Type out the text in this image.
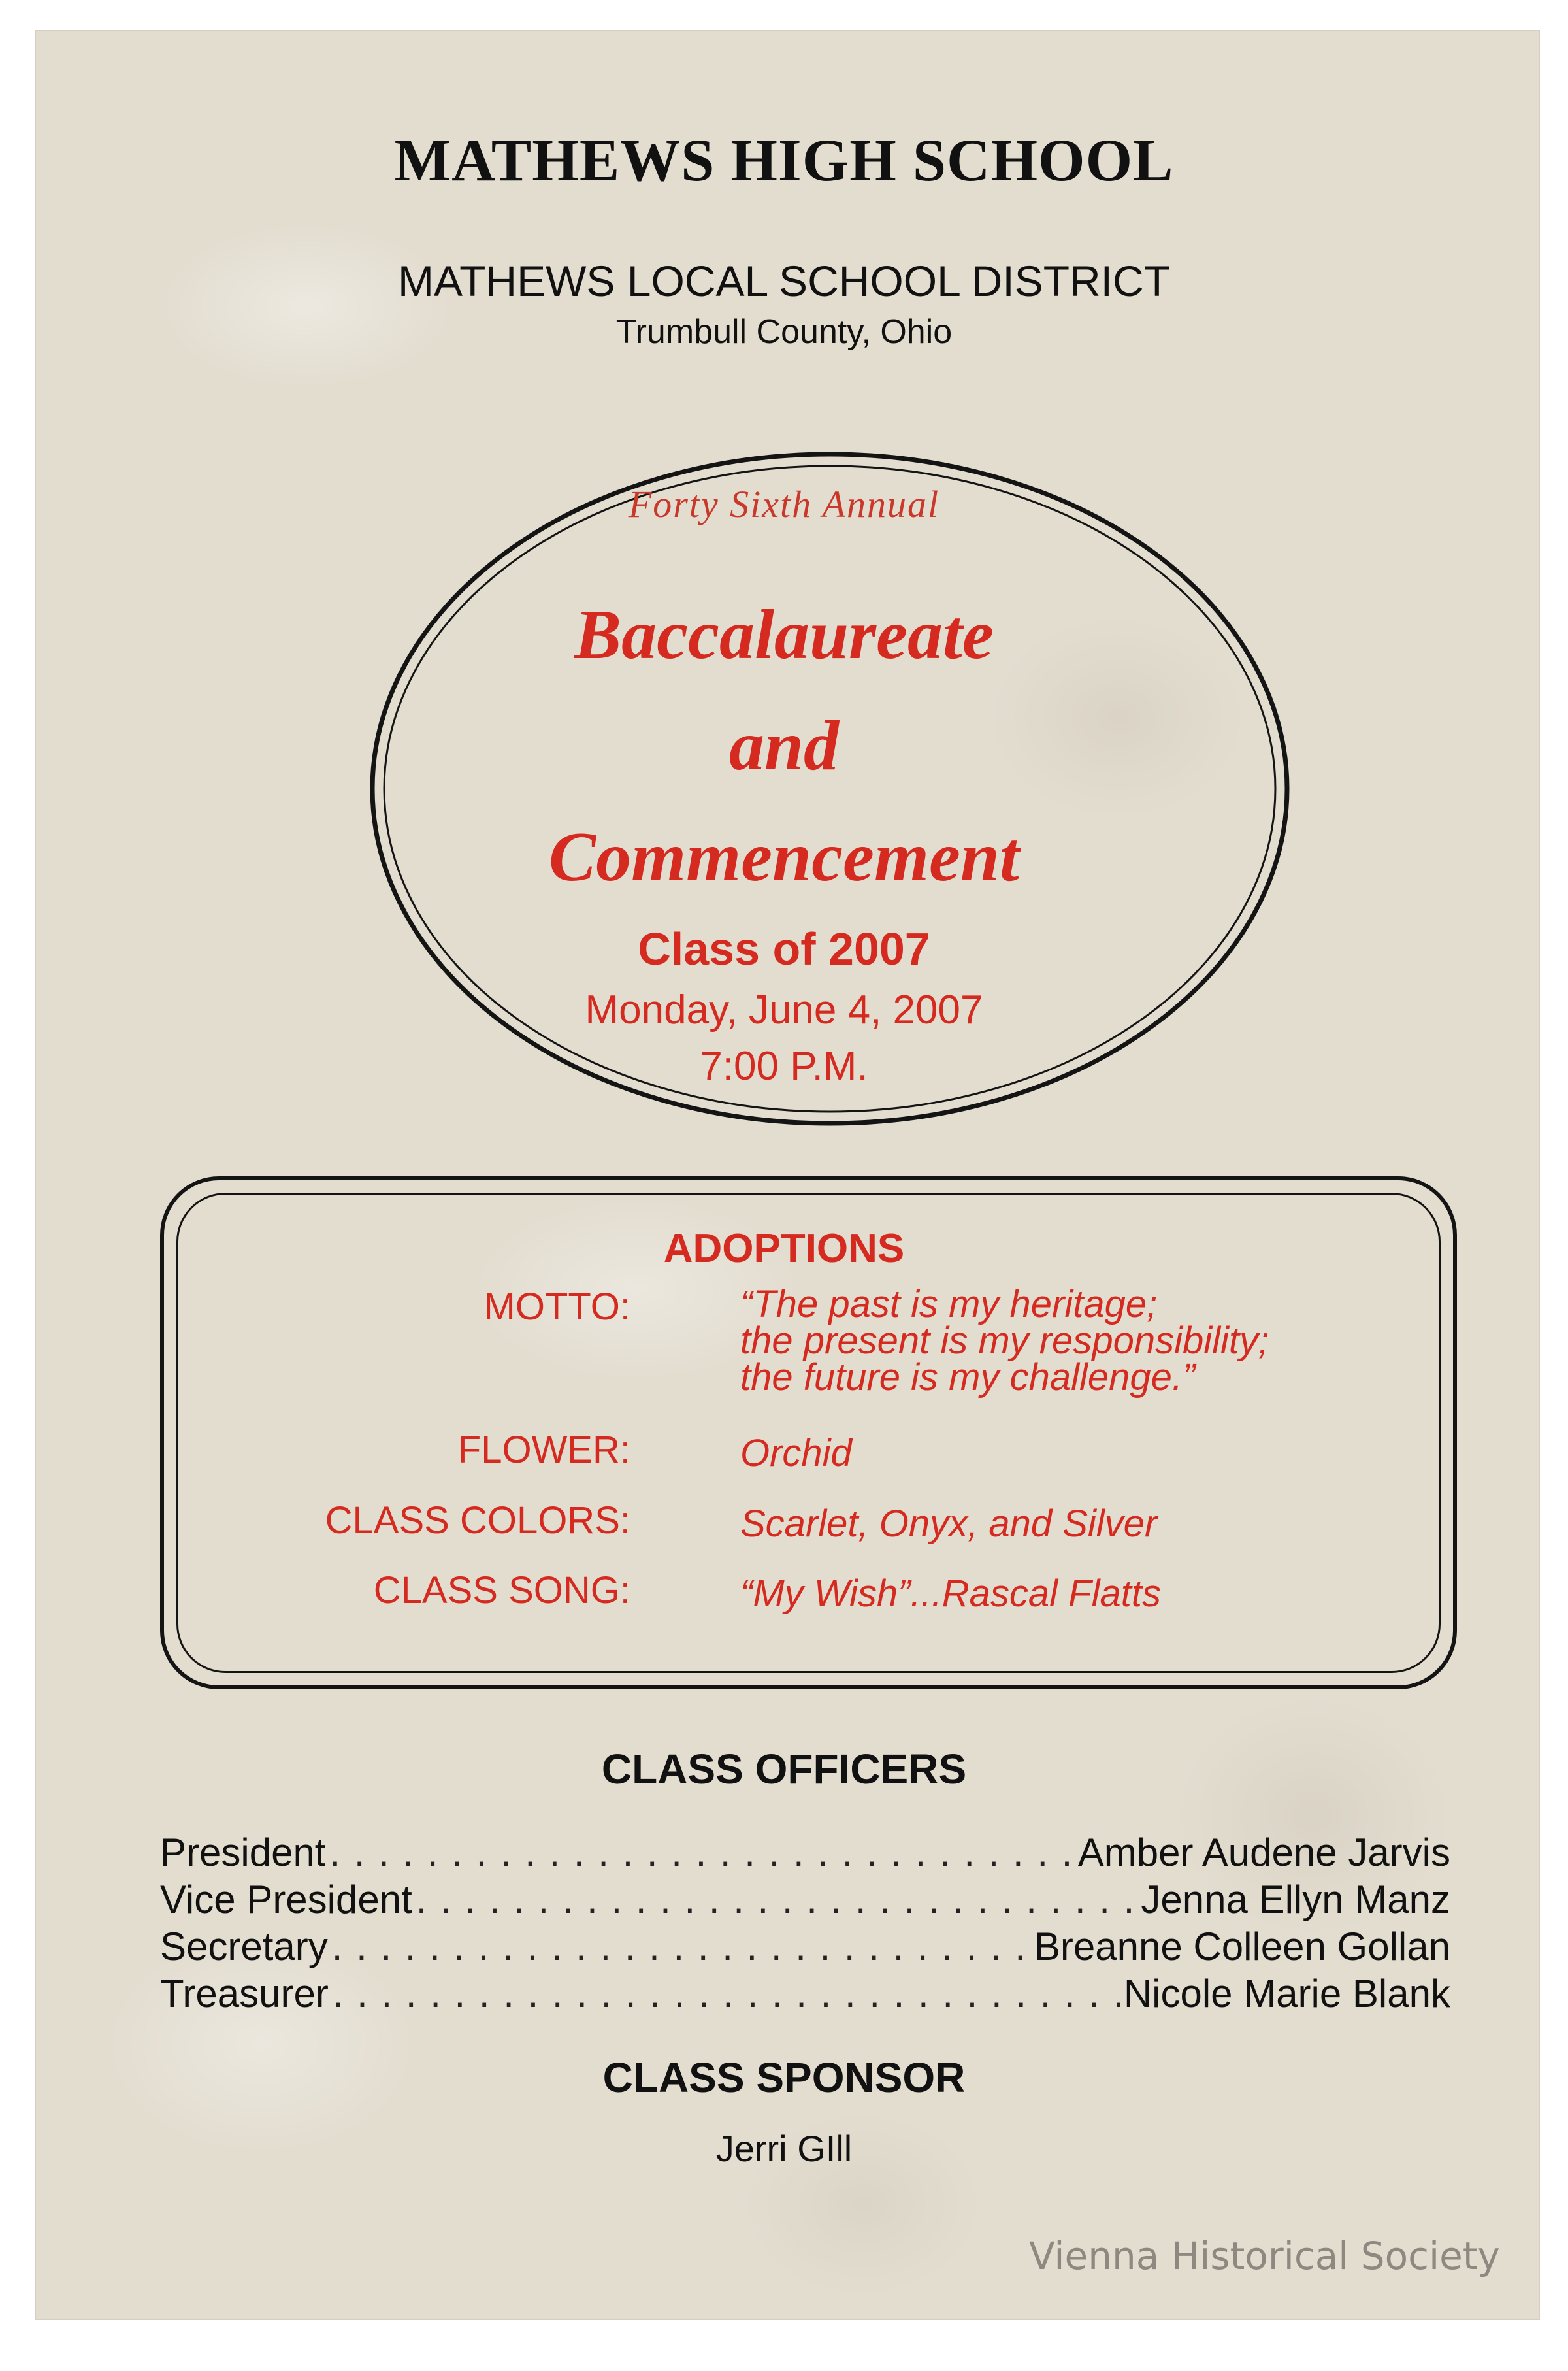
MATHEWS HIGH SCHOOL
MATHEWS LOCAL SCHOOL DISTRICT
Trumbull County, Ohio
Forty Sixth Annual
Baccalaureate
and
Commencement
Class of 2007
Monday, June 4, 2007
7:00 P.M.
ADOPTIONS
MOTTO:	“The past is my heritage;
the present is my responsibility;
the future is my challenge.”
FLOWER:	Orchid
CLASS COLORS:	Scarlet, Onyx, and Silver
CLASS SONG:	“My Wish”...Rascal Flatts
CLASS OFFICERS
President . . .	Amber Audene Jarvis
Vice President . . .	Jenna Ellyn Manz
Secretary . . .	Breanne Colleen Gollan
Treasurer . . .	Nicole Marie Blank
CLASS SPONSOR
Jerri GIll
Vienna Historical Society
